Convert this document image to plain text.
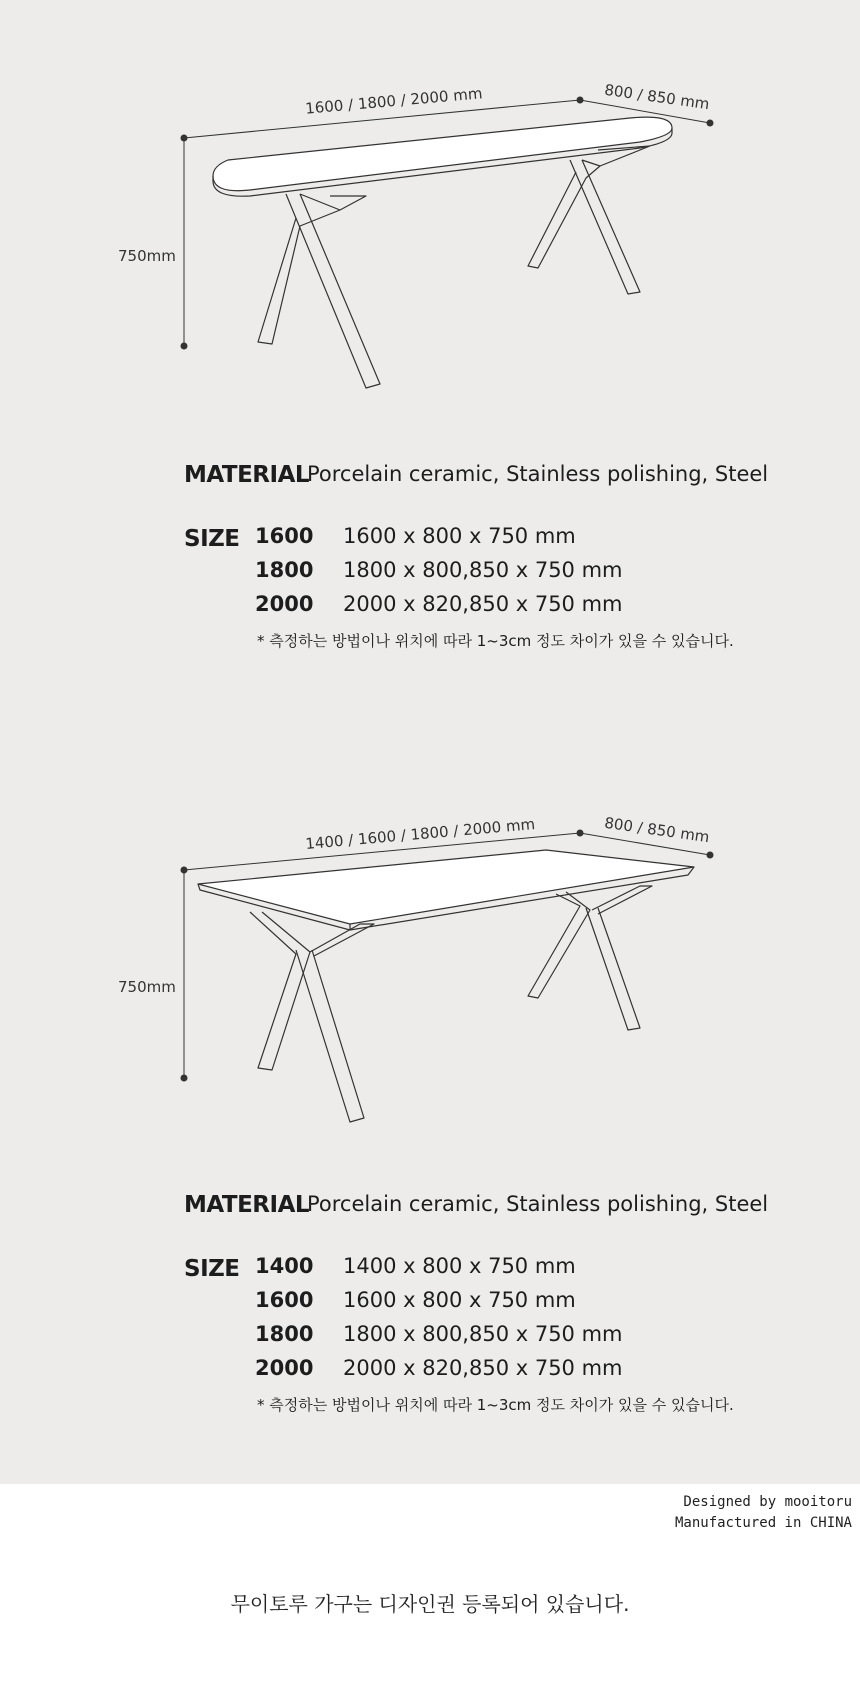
1600 / 1800 / 2000 mm	800 / 850 mm
750mm
MATERIAL
Porcelain ceramic, Stainless polishing, Steel
SIZE 1600 1600 x 800 x 750 mm
1800 1800 x 800,850 x 750 mm
2000 2000 x 820,850 x 750 mm
* 측정하는 방법이나 위치에 따라 1~3cm 정도 차이가 있을 수 있습니다.
1400 / 1600 / 1800 / 2000 mm	800 / 850 mm
750mm
MATERIAL
Porcelain ceramic, Stainless polishing, Steel
SIZE 1400 1400 x 800 x 750 mm
1600 1600 x 800 x 750 mm
1800 1800 x 800,850 x 750 mm
2000 2000 x 820,850 x 750 mm
* 측정하는 방법이나 위치에 따라 1~3cm 정도 차이가 있을 수 있습니다.
Designed by mooitoru
Manufactured in CHINA
무이토루 가구는 디자인권 등록되어 있습니다.
